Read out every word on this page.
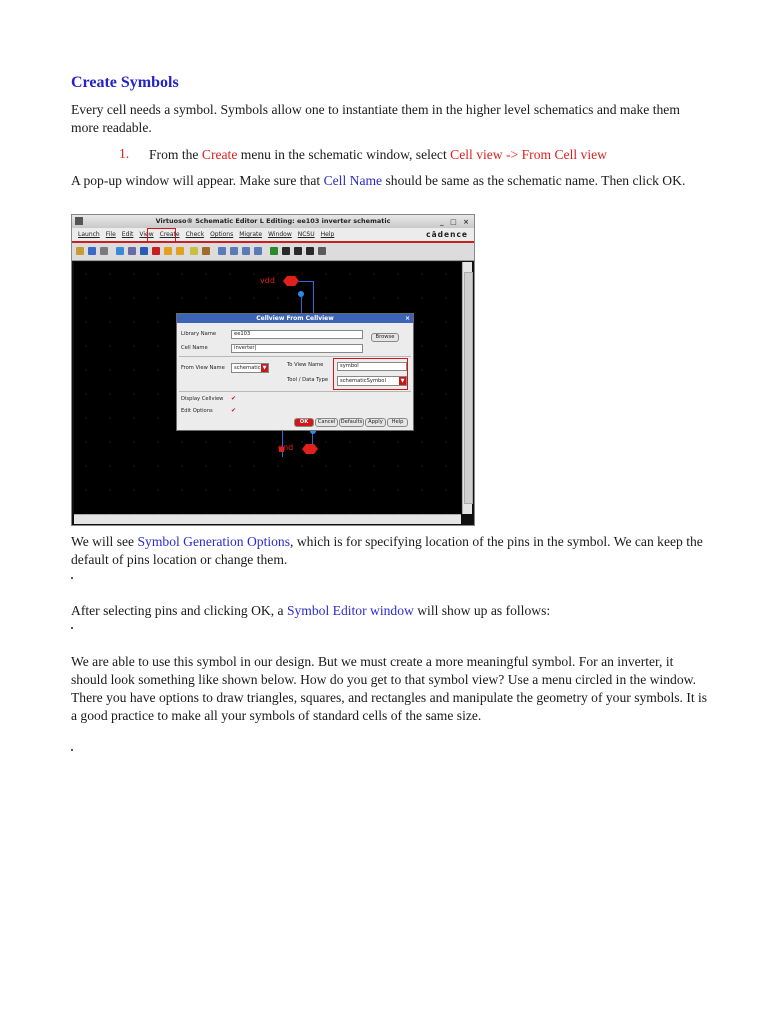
Create Symbols
Every cell needs a symbol. Symbols allow one to instantiate them in the higher level schematics and make them more readable.
1. From the Create menu in the schematic window, select Cell view -> From Cell view
A pop-up window will appear. Make sure that Cell Name should be same as the schematic name. Then click OK.
Virtuoso® Schematic Editor L Editing: ee103 inverter schematic	_ □ ×
Launch File Edit View Create Check Options Migrate Window NCSU Help	cādence
vdd
gnd
Cellview From Cellview	×
Library Name	ee103	Browse
Cell Name	inverter|
From View Name	schematic ▼	To View Name	symbol
Tool / Data Type	schematicSymbol	▼
Display Cellview ✔
Edit Options	✔
OK	Cancel	Defaults	Apply	Help
We will see Symbol Generation Options, which is for specifying location of the pins in the symbol. We can keep the default of pins location or change them.
After selecting pins and clicking OK, a Symbol Editor window will show up as follows:
We are able to use this symbol in our design. But we must create a more meaningful symbol. For an inverter, it should look something like shown below. How do you get to that symbol view? Use a menu circled in the window. There you have options to draw triangles, squares, and rectangles and manipulate the geometry of your symbols. It is a good practice to make all your symbols of standard cells of the same size.
